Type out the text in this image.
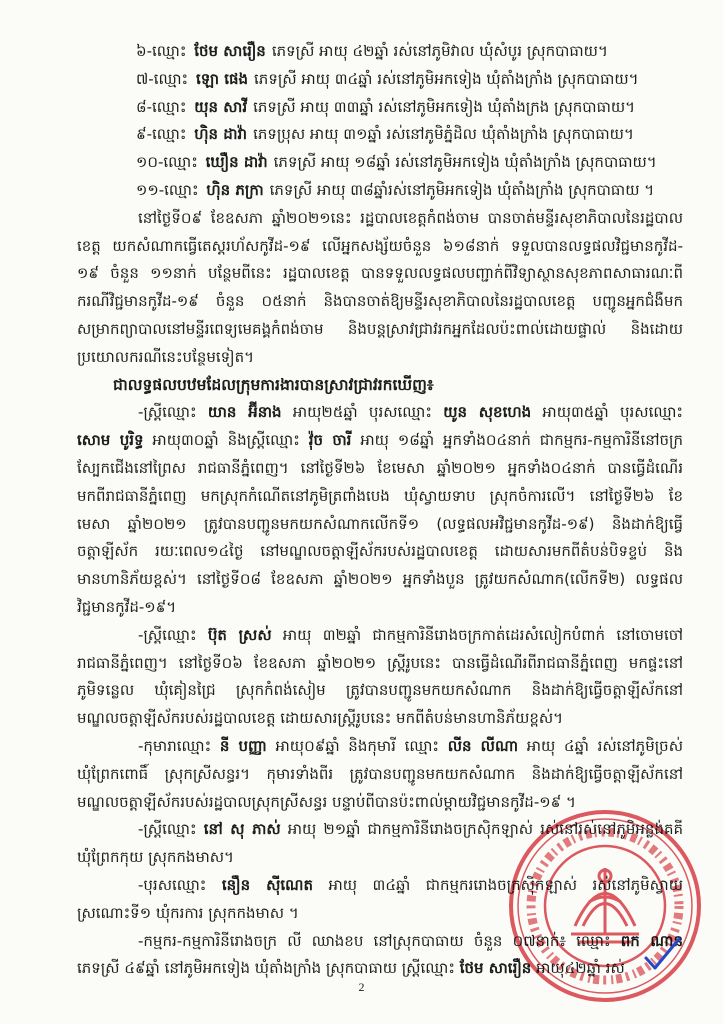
៦-ឈ្មោះ ថែម សារឿន ភេទស្រី អាយុ ៤២ឆ្នាំ រស់នៅភូមិវាល ឃុំសំបូរ ស្រុកបាធាយ។
៧-ឈ្មោះ ឡោ ផេង ភេទស្រី អាយុ ៣៤ឆ្នាំ រស់នៅភូមិអកទៀង ឃុំតាំងក្រាំង ស្រុកបាធាយ។
៨-ឈ្មោះ យុន សាវី ភេទស្រី អាយុ ៣៣ឆ្នាំ រស់នៅភូមិអកទៀង ឃុំតាំងក្រង ស្រុកបាធាយ។
៩-ឈ្មោះ ហ៊ិន ដាវ៉ា ភេទប្រុស អាយុ ៣១ឆ្នាំ រស់នៅភូមិភ្នំដិល ឃុំតាំងក្រាំង ស្រុកបាធាយ។
១០-ឈ្មោះ ឃឿន ដាវ៉ា ភេទស្រី អាយុ ១៨ឆ្នាំ រស់នៅភូមិអកទៀង ឃុំតាំងក្រាំង ស្រុកបាធាយ។
១១-ឈ្មោះ ហ៊ិន ភក្រា ភេទស្រី អាយុ ៣៨ឆ្នាំរស់នៅភូមិអកទៀង ឃុំតាំងក្រាំង ស្រុកបាធាយ ។
នៅថ្ងៃទី០៩ ខែឧសភា ឆ្នាំ២០២១នេះ រដ្ឋបាលខេត្តកំពង់ចាម បានចាត់មន្ទីរសុខាភិបាលនៃរដ្ឋបាល
ខេត្ត យកសំណាកធ្វើតេស្តរហ័សកូវីដ-១៩ លើអ្នកសង្ស័យចំនួន ៦១៨នាក់ ទទួលបានលទ្ធផលវិជ្ជមានកូវីដ-
១៩ ចំនួន ១១នាក់ បន្ថែមពីនេះ រដ្ឋបាលខេត្ត បានទទួលលទ្ធផលបញ្ជាក់ពីវិទ្យាស្ថានសុខភាពសាធារណៈពី
ករណីវិជ្ជមានកូវីដ-១៩ ចំនួន ០៥នាក់ និងបានចាត់ឱ្យមន្ទីរសុខាភិបាលនៃរដ្ឋបាលខេត្ត បញ្ជូនអ្នកជំងឺមក
សម្រាកព្យាបាលនៅមន្ទីរពេទ្យមេគង្គកំពង់ចាម និងបន្តស្រាវជ្រាវរកអ្នកដែលប៉ះពាល់ដោយផ្ទាល់ និងដោយ
ប្រយោលករណីនេះបន្ថែមទៀត។
ជាលទ្ធផលបឋមដែលក្រុមការងារបានស្រាវជ្រាវរកឃើញ៖
-ស្ត្រីឈ្មោះ យាន អ៊ីនាង អាយុ២៥ឆ្នាំ បុរសឈ្មោះ យូន សុខហេង អាយុ៣៥ឆ្នាំ បុរសឈ្មោះ
សោម បូរិទ្ធ អាយុ៣០ឆ្នាំ និងស្ត្រីឈ្មោះ វ៉ុច ចារី អាយុ ១៨ឆ្នាំ អ្នកទាំង០៤នាក់ ជាកម្មករ-កម្មការិនីនៅចក្រ
ស្បែកជើងនៅព្រៃស រាជធានីភ្នំពេញ។ នៅថ្ងៃទី២៦ ខែមេសា ឆ្នាំ២០២១ អ្នកទាំង០៤នាក់ បានធ្វើដំណើរ
មកពីរាជធានីភ្នំពេញ មកស្រុកកំណើតនៅភូមិត្រពាំងបេង ឃុំស្វាយទាប ស្រុកចំការលើ។ នៅថ្ងៃទី២៦ ខែ
មេសា ឆ្នាំ២០២១ ត្រូវបានបញ្ជូនមកយកសំណាកលើកទី១ (លទ្ធផលអវិជ្ជមានកូវីដ-១៩) និងដាក់ឱ្យធ្វើ
ចត្តាឡីស័ក រយៈពេល១៤ថ្ងៃ នៅមណ្ឌលចត្តាឡីស័ករបស់រដ្ឋបាលខេត្ត ដោយសារមកពីតំបន់បិទខ្ទប់ និង
មានហានិភ័យខ្ពស់។ នៅថ្ងៃទី០៨ ខែឧសភា ឆ្នាំ២០២១ អ្នកទាំងបួន ត្រូវយកសំណាក(លើកទី២) លទ្ធផល
វិជ្ជមានកូវីដ-១៩។
-ស្ត្រីឈ្មោះ ប៊ុត ស្រស់ អាយុ ៣២ឆ្នាំ ជាកម្មការិនីរោងចក្រកាត់ដេរសំលៀកបំពាក់ នៅចោមចៅ
រាជធានីភ្នំពេញ។ នៅថ្ងៃទី០៦ ខែឧសភា ឆ្នាំ២០២១ ស្ត្រីរូបនេះ បានធ្វើដំណើរពីរាជធានីភ្នំពេញ មកផ្ទះនៅ
ភូមិទន្លេល ឃុំគៀនជ្រៃ ស្រុកកំពង់សៀម ត្រូវបានបញ្ជូនមកយកសំណាក និងដាក់ឱ្យធ្វើចត្តាឡីស័កនៅ
មណ្ឌលចត្តាឡីស័ករបស់រដ្ឋបាលខេត្ត ដោយសារស្ត្រីរូបនេះ មកពីតំបន់មានហានិភ័យខ្ពស់។
-កុមារាឈ្មោះ នី បញ្ញា អាយុ០៩ឆ្នាំ និងកុមារី ឈ្មោះ លីន លីណា អាយុ ៤ឆ្នាំ រស់នៅភូមិច្រស់
ឃុំព្រែកពោធិ៍ ស្រុកស្រីសន្ធរ។ កុមារទាំងពីរ ត្រូវបានបញ្ជូនមកយកសំណាក និងដាក់ឱ្យធ្វើចត្តាឡីស័កនៅ
មណ្ឌលចត្តាឡីស័ករបស់រដ្ឋបាលស្រុកស្រីសន្ធរ បន្ទាប់ពីបានប៉ះពាល់ម្តាយវិជ្ជមានកូវីដ-១៩ ។
-ស្ត្រីឈ្មោះ នៅ សុ ភាស់ អាយុ ២១ឆ្នាំ ជាកម្មការិនីរោងចក្រស៊ិកឡាស់ រស់នៅរស់នៅភូមិអន្លង់គគី
ឃុំព្រែកកុយ ស្រុកកងមាស។
-បុរសឈ្មោះ នឿន ស៊ីណេត អាយុ ៣៤ឆ្នាំ ជាកម្មកររោងចក្រស៊ិកឡាស់ រស់នៅភូមិស្វាយ
ស្រណោះទី១ ឃុំករការ ស្រុកកងមាស ។
-កម្មករ-កម្មការិនីរោងចក្រ លី ឈាងខប នៅស្រុកបាធាយ ចំនួន ០៧នាក់៖ ឈ្មោះ ពក ណាន
ភេទស្រី ៤៩ឆ្នាំ នៅភូមិអកទៀង ឃុំតាំងក្រាំង ស្រុកបាធាយ ស្ត្រីឈ្មោះ ថែម សារឿន អាយុ៤២ឆ្នាំ រស់
2
